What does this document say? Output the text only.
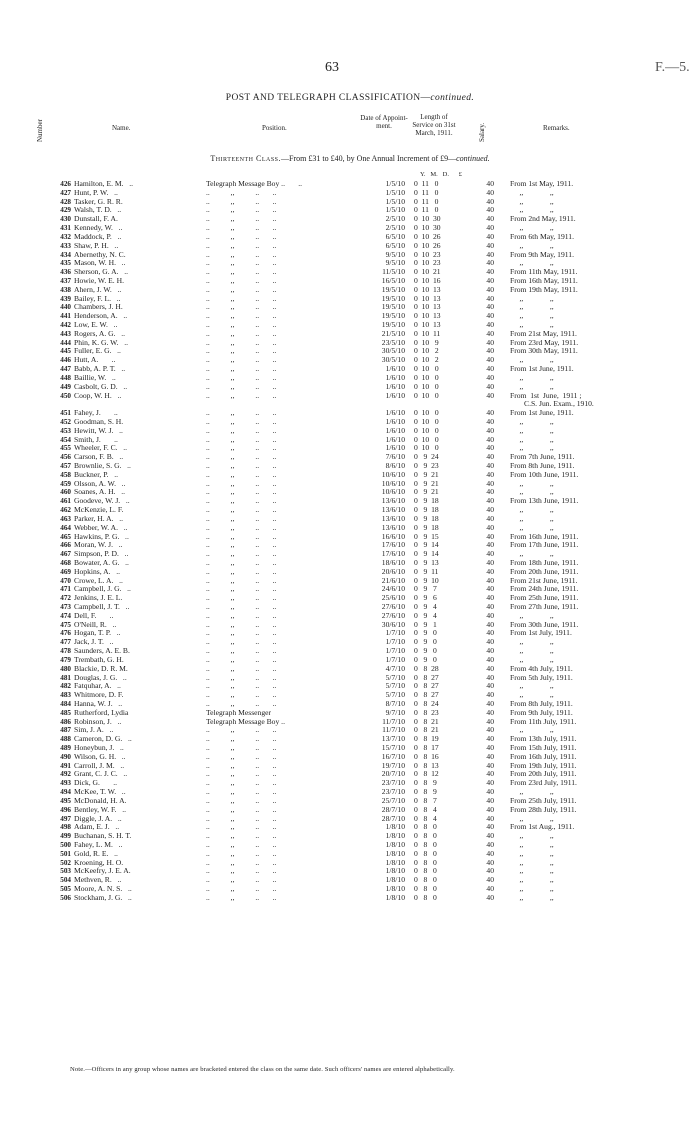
63	F.—5.
POST AND TELEGRAPH CLASSIFICATION—continued.
Number	Name.	Position.
Date of Appoint-ment.
Length of Service on 31st March, 1911.	Salary.	Remarks.
Thirteenth Class.—From £31 to £40, by One Annual Increment of £9—continued.
Y.   M.   D.      £
426 Hamilton, E. M.   ..	Telegraph Message Boy ..       ..	1/5/10 0  11   0	40 From 1st May, 1911.
427 Hunt, P. W.   ..	..           ,,           ..       ..	1/5/10 0  11   0	40 ,,              ,,
428 Tasker, G. R. R.	..           ,,           ..       ..	1/5/10 0  11   0	40 ,,              ,,
429 Walsh, T. D.   ..	..           ,,           ..       ..	1/5/10 0  11   0	40 ,,              ,,
430 Dunstall, F. A.	..           ,,           ..       ..	2/5/10 0  10  30	40 From 2nd May, 1911.
431 Kennedy, W.   ..	..           ,,           ..       ..	2/5/10 0  10  30	40 ,,              ,,
432 Maddock, P.   ..	..           ,,           ..       ..	6/5/10 0  10  26	40 From 6th May, 1911.
433 Shaw, P. H.   ..	..           ,,           ..       ..	6/5/10 0  10  26	40 ,,              ,,
434 Abernethy, N. C.	..           ,,           ..       ..	9/5/10 0  10  23	40 From 9th May, 1911.
435 Mason, W. H.   ..	..           ,,           ..       ..	9/5/10 0  10  23	40 ,,              ,,
436 Sherson, G. A.   ..	..           ,,           ..       ..	11/5/10 0  10  21	40 From 11th May, 1911.
437 Howie, W. E. H.	..           ,,           ..       ..	16/5/10 0  10  16	40 From 16th May, 1911.
438 Ahern, J. W.   ..	..           ,,           ..       ..	19/5/10 0  10  13	40 From 19th May, 1911.
439 Bailey, F. L.   ..	..           ,,           ..       ..	19/5/10 0  10  13	40 ,,              ,,
440 Chambers, J. H.	..           ,,           ..       ..	19/5/10 0  10  13	40 ,,              ,,
441 Henderson, A.   ..	..           ,,           ..       ..	19/5/10 0  10  13	40 ,,              ,,
442 Low, E. W.   ..	..           ,,           ..       ..	19/5/10 0  10  13	40 ,,              ,,
443 Rogers, A. G.   ..	..           ,,           ..       ..	21/5/10 0  10  11	40 From 21st May, 1911.
444 Phin, K. G. W.   ..	..           ,,           ..       ..	23/5/10 0  10   9	40 From 23rd May, 1911.
445 Fuller, E. G.   ..	..           ,,           ..       ..	30/5/10 0  10   2	40 From 30th May, 1911.
446 Hutt, A.       ..	..           ,,           ..       ..	30/5/10 0  10   2	40 ,,              ,,
447 Babb, A. P. T.   ..	..           ,,           ..       ..	1/6/10 0  10   0	40 From 1st June, 1911.
448 Baillie, W.   ..	..           ,,           ..       ..	1/6/10 0  10   0	40 ,,              ,,
449 Casbolt, G. D.   ..	..           ,,           ..       ..	1/6/10 0  10   0	40 ,,              ,,
450 Coop, W. H.   ..	..           ,,           ..       ..	1/6/10 0  10   0	40 From  1st  June,  1911 ;
C.S. Jun. Exam., 1910.
451 Fahey, J.       ..	..           ,,           ..       ..	1/6/10 0  10   0	40 From 1st June, 1911.
452 Goodman, S. H.	..           ,,           ..       ..	1/6/10 0  10   0	40 ,,              ,,
453 Hewitt, W. J.   ..	..           ,,           ..       ..	1/6/10 0  10   0	40 ,,              ,,
454 Smith, J.       ..	..           ,,           ..       ..	1/6/10 0  10   0	40 ,,              ,,
455 Wheeler, F. C.   ..	..           ,,           ..       ..	1/6/10 0  10   0	40 ,,              ,,
456 Carson, F. B.   ..	..           ,,           ..       ..	7/6/10 0   9  24	40 From 7th June, 1911.
457 Brownlie, S. G.   ..	..           ,,           ..       ..	8/6/10 0   9  23	40 From 8th June, 1911.
458 Buckner, P.   ..	..           ,,           ..       ..	10/6/10 0   9  21	40 From 10th June, 1911.
459 Olsson, A. W.   ..	..           ,,           ..       ..	10/6/10 0   9  21	40 ,,              ,,
460 Soanes, A. H.   ..	..           ,,           ..       ..	10/6/10 0   9  21	40 ,,              ,,
461 Goodeve, W. J.   ..	..           ,,           ..       ..	13/6/10 0   9  18	40 From 13th June, 1911.
462 McKenzie, L. F.	..           ,,           ..       ..	13/6/10 0   9  18	40 ,,              ,,
463 Parker, H. A.   ..	..           ,,           ..       ..	13/6/10 0   9  18	40 ,,              ,,
464 Webber, W. A.   ..	..           ,,           ..       ..	13/6/10 0   9  18	40 ,,              ,,
465 Hawkins, P. G.   ..	..           ,,           ..       ..	16/6/10 0   9  15	40 From 16th June, 1911.
466 Moran, W. J.   ..	..           ,,           ..       ..	17/6/10 0   9  14	40 From 17th June, 1911.
467 Simpson, P. D.   ..	..           ,,           ..       ..	17/6/10 0   9  14	40 ,,              ,,
468 Bowater, A. G.   ..	..           ,,           ..       ..	18/6/10 0   9  13	40 From 18th June, 1911.
469 Hopkins, A.   ..	..           ,,           ..       ..	20/6/10 0   9  11	40 From 20th June, 1911.
470 Crowe, L. A.   ..	..           ,,           ..       ..	21/6/10 0   9  10	40 From 21st June, 1911.
471 Campbell, J. G.   ..	..           ,,           ..       ..	24/6/10 0   9   7	40 From 24th June, 1911.
472 Jenkins, J. E. L.	..           ,,           ..       ..	25/6/10 0   9   6	40 From 25th June, 1911.
473 Campbell, J. T.   ..	..           ,,           ..       ..	27/6/10 0   9   4	40 From 27th June, 1911.
474 Dell, F.       ..	..           ,,           ..       ..	27/6/10 0   9   4	40 ,,              ,,
475 O'Neill, R.   ..	..           ,,           ..       ..	30/6/10 0   9   1	40 From 30th June, 1911.
476 Hogan, T. P.   ..	..           ,,           ..       ..	1/7/10 0   9   0	40 From 1st July, 1911.
477 Jack, J. T.   ..	..           ,,           ..       ..	1/7/10 0   9   0	40 ,,              ,,
478 Saunders, A. E. B.	..           ,,           ..       ..	1/7/10 0   9   0	40 ,,              ,,
479 Trembath, G. H.	..           ,,           ..       ..	1/7/10 0   9   0	40 ,,              ,,
480 Blackie, D. R. M.	..           ,,           ..       ..	4/7/10 0   8  28	40 From 4th July, 1911.
481 Douglas, J. G.   ..	..           ,,           ..       ..	5/7/10 0   8  27	40 From 5th July, 1911.
482 Fatquhar, A.   ..	..           ,,           ..       ..	5/7/10 0   8  27	40 ,,              ,,
483 Whitmore, D. F.	..           ,,           ..       ..	5/7/10 0   8  27	40 ,,              ,,
484 Hanna, W. J.   ..	..           ,,           ..       ..	8/7/10 0   8  24	40 From 8th July, 1911.
485 Rutherford, Lydia	Telegraph Messenger	9/7/10 0   8  23	40 From 9th July, 1911.
486 Robinson, J.   ..	Telegraph Message Boy ..	11/7/10 0   8  21	40 From 11th July, 1911.
487 Sim, J. A.   ..	..           ,,           ..       ..	11/7/10 0   8  21	40 ,,              ,,
488 Cameron, D. G.   ..	..           ,,           ..       ..	13/7/10 0   8  19	40 From 13th July, 1911.
489 Honeybun, J.   ..	..           ,,           ..       ..	15/7/10 0   8  17	40 From 15th July, 1911.
490 Wilson, G. H.   ..	..           ,,           ..       ..	16/7/10 0   8  16	40 From 16th July, 1911.
491 Carroll, J. M.   ..	..           ,,           ..       ..	19/7/10 0   8  13	40 From 19th July, 1911.
492 Grant, C. J. C.   ..	..           ,,           ..       ..	20/7/10 0   8  12	40 From 20th July, 1911.
493 Dick, G.       ..	..           ,,           ..       ..	23/7/10 0   8   9	40 From 23rd July, 1911.
494 McKee, T. W.   ..	..           ,,           ..       ..	23/7/10 0   8   9	40 ,,              ,,
495 McDonald, H. A.	..           ,,           ..       ..	25/7/10 0   8   7	40 From 25th July, 1911.
496 Bentley, W. F.   ..	..           ,,           ..       ..	28/7/10 0   8   4	40 From 28th July, 1911.
497 Diggle, J. A.   ..	..           ,,           ..       ..	28/7/10 0   8   4	40 ,,              ,,
498 Adam, E. J.   ..	..           ,,           ..       ..	1/8/10 0   8   0	40 From 1st Aug., 1911.
499 Buchanan, S. H. T.	..           ,,           ..       ..	1/8/10 0   8   0	40 ,,              ,,
500 Fahey, L. M.   ..	..           ,,           ..       ..	1/8/10 0   8   0	40 ,,              ,,
501 Gold, R. E.   ..	..           ,,           ..       ..	1/8/10 0   8   0	40 ,,              ,,
502 Kroening, H. O.	..           ,,           ..       ..	1/8/10 0   8   0	40 ,,              ,,
503 McKeefry, J. E. A.	..           ,,           ..       ..	1/8/10 0   8   0	40 ,,              ,,
504 Methven, R.   ..	..           ,,           ..       ..	1/8/10 0   8   0	40 ,,              ,,
505 Moore, A. N. S.   ..	..           ,,           ..       ..	1/8/10 0   8   0	40 ,,              ,,
506 Stockham, J. G.   ..	..           ,,           ..       ..	1/8/10 0   8   0	40 ,,              ,,
Note.—Officers in any group whose names are bracketed entered the class on the same date. Such officers' names are entered alphabetically.
